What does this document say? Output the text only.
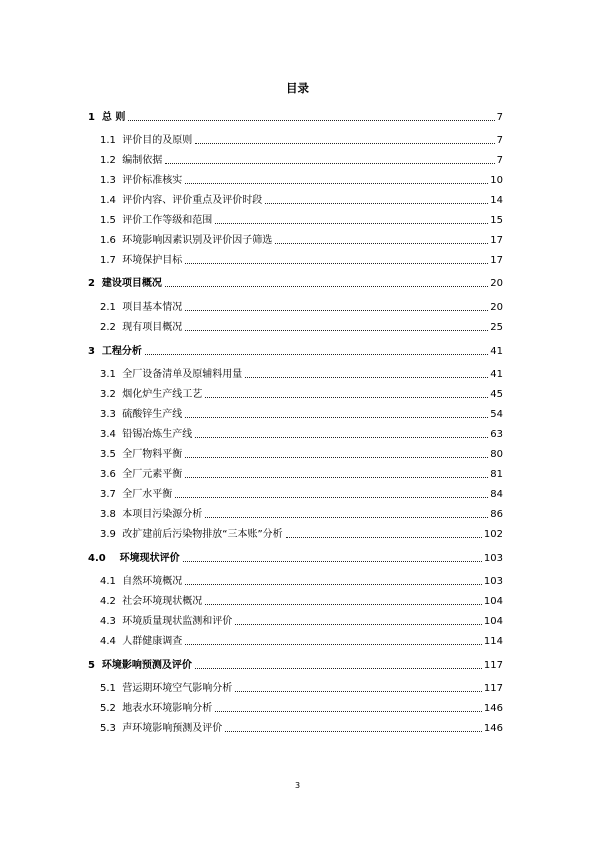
目录
1 总 则	7
1.1 评价目的及原则	7
1.2 编制依据	7
1.3 评价标准核实	10
1.4 评价内容、评价重点及评价时段	14
1.5 评价工作等级和范围	15
1.6 环境影响因素识别及评价因子筛选	17
1.7 环境保护目标	17
2 建设项目概况	20
2.1 项目基本情况	20
2.2 现有项目概况	25
3 工程分析	41
3.1 全厂设备清单及原辅料用量	41
3.2 烟化炉生产线工艺	45
3.3 硫酸锌生产线	54
3.4 铅锡冶炼生产线	63
3.5 全厂物料平衡	80
3.6 全厂元素平衡	81
3.7 全厂水平衡	84
3.8 本项目污染源分析	86
3.9 改扩建前后污染物排放“三本账”分析	102
4.0 环境现状评价	103
4.1 自然环境概况	103
4.2 社会环境现状概况	104
4.3 环境质量现状监测和评价	104
4.4 人群健康调查	114
5 环境影响预测及评价	117
5.1 营运期环境空气影响分析	117
5.2 地表水环境影响分析	146
5.3 声环境影响预测及评价	146
3
